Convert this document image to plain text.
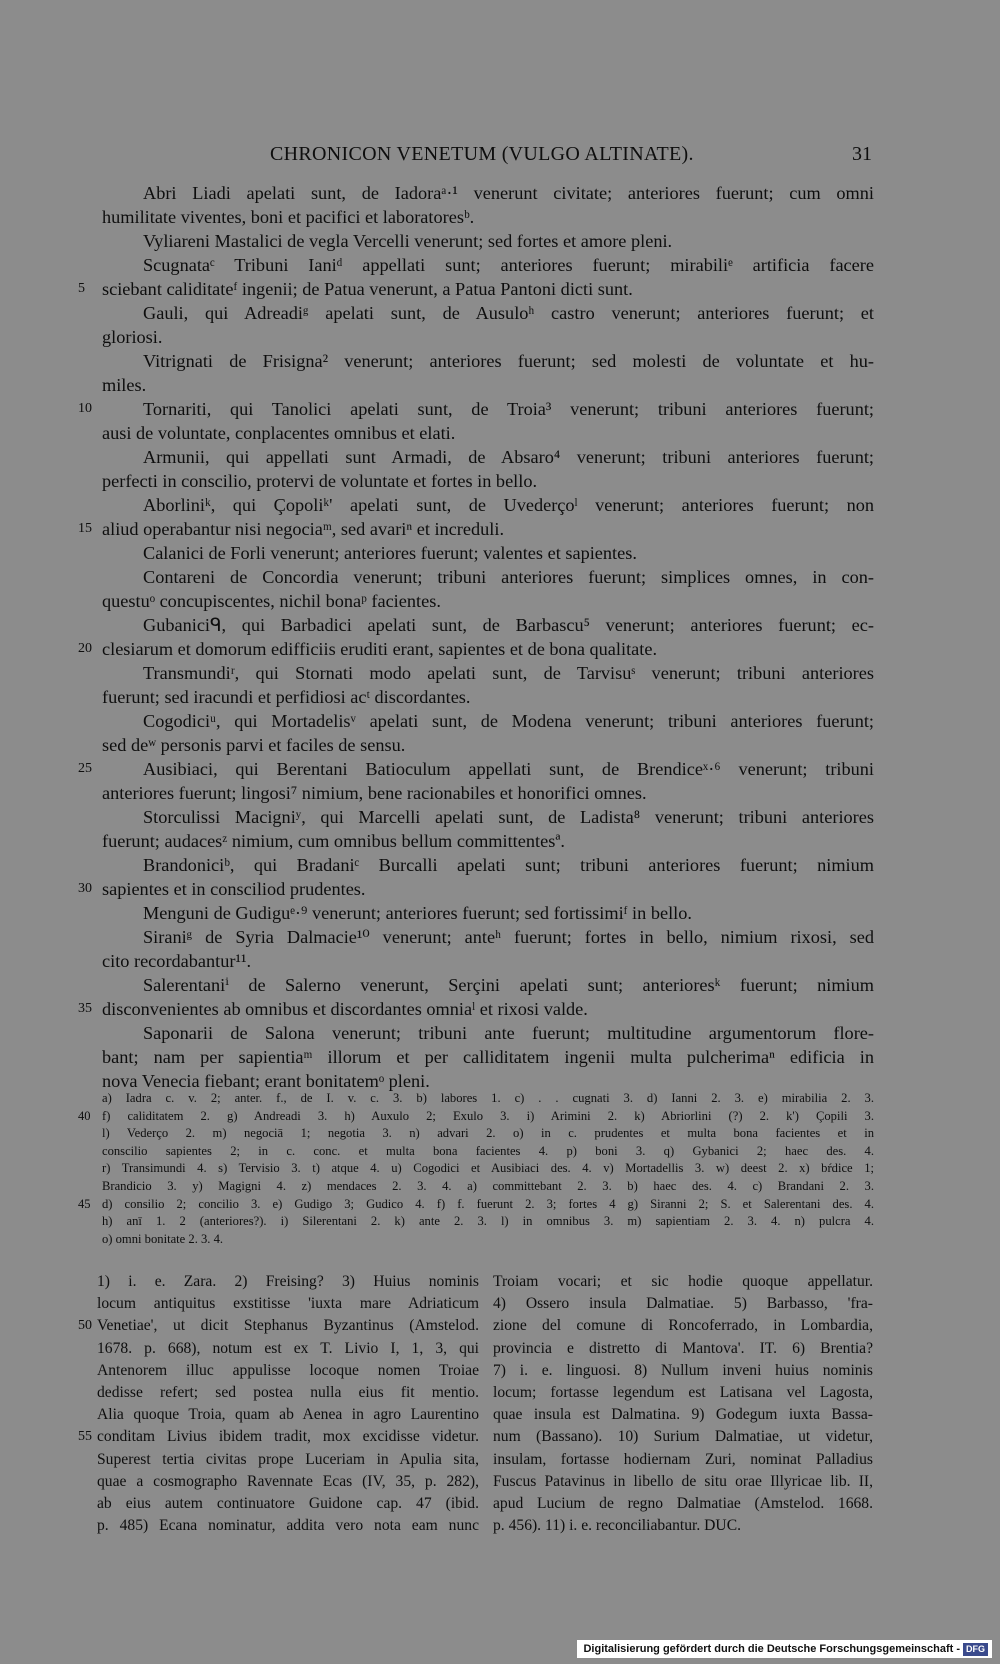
CHRONICON VENETUM (VULGO ALTINATE).	31
Abri Liadi apelati sunt, de Iadoraᵃ·¹ venerunt civitate; anteriores fuerunt; cum omni
humilitate viventes, boni et pacifici et laboratoresᵇ.
Vyliareni Mastalici de vegla Vercelli venerunt; sed fortes et amore pleni.
Scugnataᶜ Tribuni Ianiᵈ appellati sunt; anteriores fuerunt; mirabiliᵉ artificia facere
5 sciebant caliditateᶠ ingenii; de Patua venerunt, a Patua Pantoni dicti sunt.
Gauli, qui Adreadiᵍ apelati sunt, de Ausuloʰ castro venerunt; anteriores fuerunt; et
gloriosi.
Vitrignati de Frisigna² venerunt; anteriores fuerunt; sed molesti de voluntate et hu-
miles.
10	Tornariti, qui Tanolici apelati sunt, de Troia³ venerunt; tribuni anteriores fuerunt;
ausi de voluntate, conplacentes omnibus et elati.
Armunii, qui appellati sunt Armadi, de Absaro⁴ venerunt; tribuni anteriores fuerunt;
perfecti in conscilio, protervi de voluntate et fortes in bello.
Aborliniᵏ, qui Çopoliᵏ' apelati sunt, de Uvederçoˡ venerunt; anteriores fuerunt; non
15 aliud operabantur nisi negociaᵐ, sed avariⁿ et increduli.
Calanici de Forli venerunt; anteriores fuerunt; valentes et sapientes.
Contareni de Concordia venerunt; tribuni anteriores fuerunt; simplices omnes, in con-
questuᵒ concupiscentes, nichil bonaᵖ facientes.
Gubaniciᑫ, qui Barbadici apelati sunt, de Barbascu⁵ venerunt; anteriores fuerunt; ec-
20 clesiarum et domorum edifficiis eruditi erant, sapientes et de bona qualitate.
Transmundiʳ, qui Stornati modo apelati sunt, de Tarvisuˢ venerunt; tribuni anteriores
fuerunt; sed iracundi et perfidiosi acᵗ discordantes.
Cogodiciᵘ, qui Mortadelisᵛ apelati sunt, de Modena venerunt; tribuni anteriores fuerunt;
sed deʷ personis parvi et faciles de sensu.
25	Ausibiaci, qui Berentani Batioculum appellati sunt, de Brendiceˣ·⁶ venerunt; tribuni
anteriores fuerunt; lingosi⁷ nimium, bene racionabiles et honorifici omnes.
Storculissi Macigniʸ, qui Marcelli apelati sunt, de Ladista⁸ venerunt; tribuni anteriores
fuerunt; audacesᶻ nimium, cum omnibus bellum committentesª.
Brandoniciᵇ, qui Bradaniᶜ Burcalli apelati sunt; tribuni anteriores fuerunt; nimium
30 sapientes et in consciliod prudentes.
Menguni de Gudiguᵉ·⁹ venerunt; anteriores fuerunt; sed fortissimiᶠ in bello.
Siraniᵍ de Syria Dalmacie¹⁰ venerunt; anteʰ fuerunt; fortes in bello, nimium rixosi, sed
cito recordabantur¹¹.
Salerentaniⁱ de Salerno venerunt, Serçini apelati sunt; anterioresᵏ fuerunt; nimium
35 disconvenientes ab omnibus et discordantes omniaˡ et rixosi valde.
Saponarii de Salona venerunt; tribuni ante fuerunt; multitudine argumentorum flore-
bant; nam per sapientiaᵐ illorum et per calliditatem ingenii multa pulcherimaⁿ edificia in
nova Venecia fiebant; erant bonitatemᵒ pleni.
a) Iadra c. v. 2; anter. f., de I. v. c. 3. b) labores 1. c) . . cugnati 3. d) Ianni 2. 3. e) mirabilia 2. 3.
40 f) caliditatem 2. g) Andreadi 3. h) Auxulo 2; Exulo 3. i) Arimini 2. k) Abriorlini (?) 2. k') Çopili 3.
l) Vederço 2. m) negociā 1; negotia 3. n) advari 2. o) in c. prudentes et multa bona facientes et in
conscilio sapientes 2; in c. conc. et multa bona facientes 4. p) boni 3. q) Gybanici 2; haec des. 4.
r) Transimundi 4. s) Tervisio 3. t) atque 4. u) Cogodici et Ausibiaci des. 4. v) Mortadellis 3. w) deest 2. x) bŕdice 1;
Brandicio 3. y) Magigni 4. z) mendaces 2. 3. 4. a) committebant 2. 3. b) haec des. 4. c) Brandani 2. 3.
45 d) consilio 2; concilio 3. e) Gudigo 3; Gudico 4. f) f. fuerunt 2. 3; fortes 4 g) Siranni 2; S. et Salerentani des. 4.
h) anī 1. 2 (anteriores?). i) Silerentani 2. k) ante 2. 3. l) in omnibus 3. m) sapientiam 2. 3. 4. n) pulcra 4.
o) omni bonitate 2. 3. 4.
1) i. e. Zara. 2) Freising? 3) Huius nominis
locum antiquitus exstitisse 'iuxta mare Adriaticum
50 Venetiae', ut dicit Stephanus Byzantinus (Amstelod.
1678. p. 668), notum est ex T. Livio I, 1, 3, qui
Antenorem illuc appulisse locoque nomen Troiae
dedisse refert; sed postea nulla eius fit mentio.
Alia quoque Troia, quam ab Aenea in agro Laurentino
55 conditam Livius ibidem tradit, mox excidisse videtur.
Superest tertia civitas prope Luceriam in Apulia sita,
quae a cosmographo Ravennate Ecas (IV, 35, p. 282),
ab eius autem continuatore Guidone cap. 47 (ibid.
p. 485) Ecana nominatur, addita vero nota eam nunc
Troiam vocari; et sic hodie quoque appellatur.
4) Ossero insula Dalmatiae. 5) Barbasso, 'fra-
zione del comune di Roncoferrado, in Lombardia,
provincia e distretto di Mantova'. IT. 6) Brentia?
7) i. e. linguosi. 8) Nullum inveni huius nominis
locum; fortasse legendum est Latisana vel Lagosta,
quae insula est Dalmatina. 9) Godegum iuxta Bassa-
num (Bassano). 10) Surium Dalmatiae, ut videtur,
insulam, fortasse hodiernam Zuri, nominat Palladius
Fuscus Patavinus in libello de situ orae Illyricae lib. II,
apud Lucium de regno Dalmatiae (Amstelod. 1668.
p. 456). 11) i. e. reconciliabantur. DUC.
Digitalisierung gefördert durch die Deutsche Forschungsgemeinschaft - DFG
